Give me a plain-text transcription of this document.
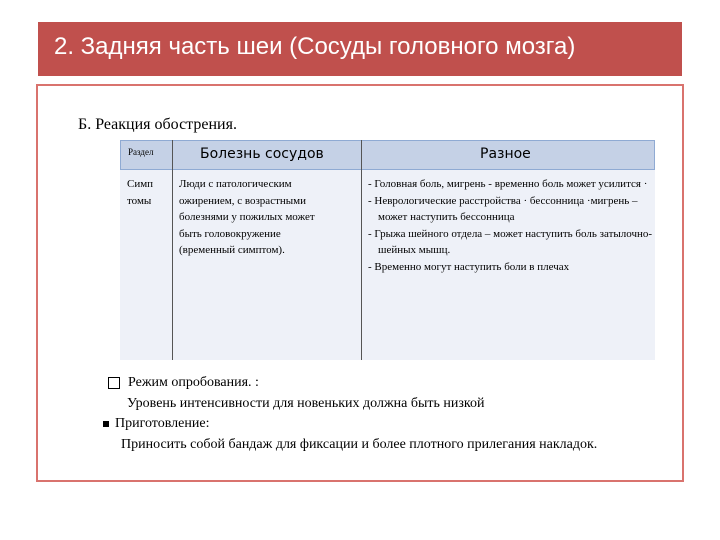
2. Задняя часть шеи (Сосуды головного мозга)
Б. Реакция обострения.
Раздел	Болезнь сосудов	Разное
Симп
томы
Люди с патологическим
ожирением, с возрастными
болезнями у пожилых может
быть головокружение
(временный симптом).
- Головная боль, мигрень - временно боль может усилится ·
- Неврологические расстройства · бессонница ·мигрень – может наступить бессонница
- Грыжа шейного отдела – может наступить боль затылочно-шейных мышц.
- Временно могут наступить боли в плечах
Режим опробования. :
Уровень интенсивности для новеньких должна быть низкой
Приготовление:
Приносить собой бандаж для фиксации и более плотного прилегания накладок.
